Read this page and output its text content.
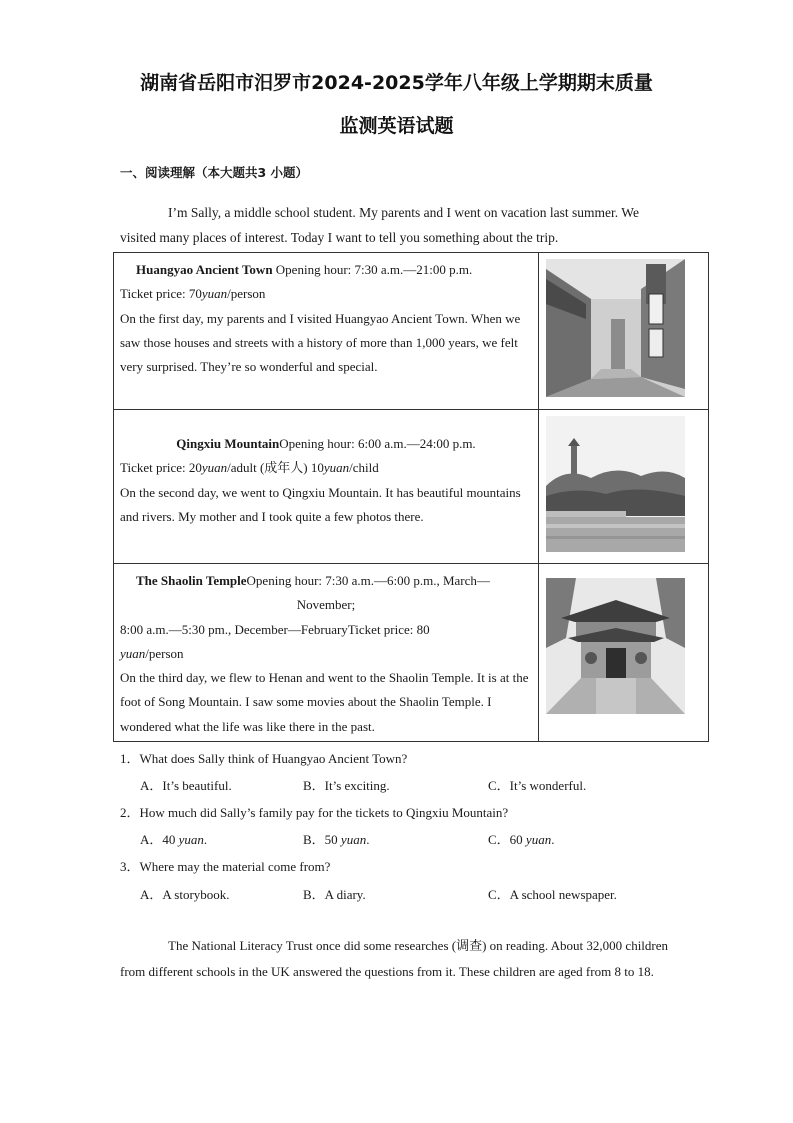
湖南省岳阳市汨罗市2024-2025学年八年级上学期期末质量
监测英语试题
一、阅读理解（本大题共3 小题）
I’m Sally, a middle school student. My parents and I went on vacation last summer. We visited many places of interest. Today I want to tell you something about the trip.
Huangyao Ancient Town Opening hour: 7:30 a.m.—21:00 p.m.
Ticket price: 70yuan/person
On the first day, my parents and I visited Huangyao Ancient Town. When we saw those houses and streets with a history of more than 1,000 years, we felt very surprised. They’re so wonderful and special.

Qingxiu MountainOpening hour: 6:00 a.m.—24:00 p.m.
Ticket price: 20yuan/adult (成年人) 10yuan/child
On the second day, we went to Qingxiu Mountain. It has beautiful mountains and rivers. My mother and I took quite a few photos there.

The Shaolin TempleOpening hour: 7:30 a.m.—6:00 p.m., March—
November;
8:00 a.m.—5:30 pm., December—FebruaryTicket price: 80
yuan/person
On the third day, we flew to Henan and went to the Shaolin Temple. It is at the foot of Song Mountain. I saw some movies about the Shaolin Temple. I wondered what the life was like there in the past.

1．What does Sally think of Huangyao Ancient Town?
A．It’s beautiful.	B．It’s exciting.	C．It’s wonderful.
2．How much did Sally’s family pay for the tickets to Qingxiu Mountain?
A．40 yuan.	B．50 yuan.	C．60 yuan.
3．Where may the material come from?
A．A storybook.	B．A diary.	C．A school newspaper.
The National Literacy Trust once did some researches (调查) on reading. About 32,000 children from different schools in the UK answered the questions from it. These children are aged from 8 to 18.
